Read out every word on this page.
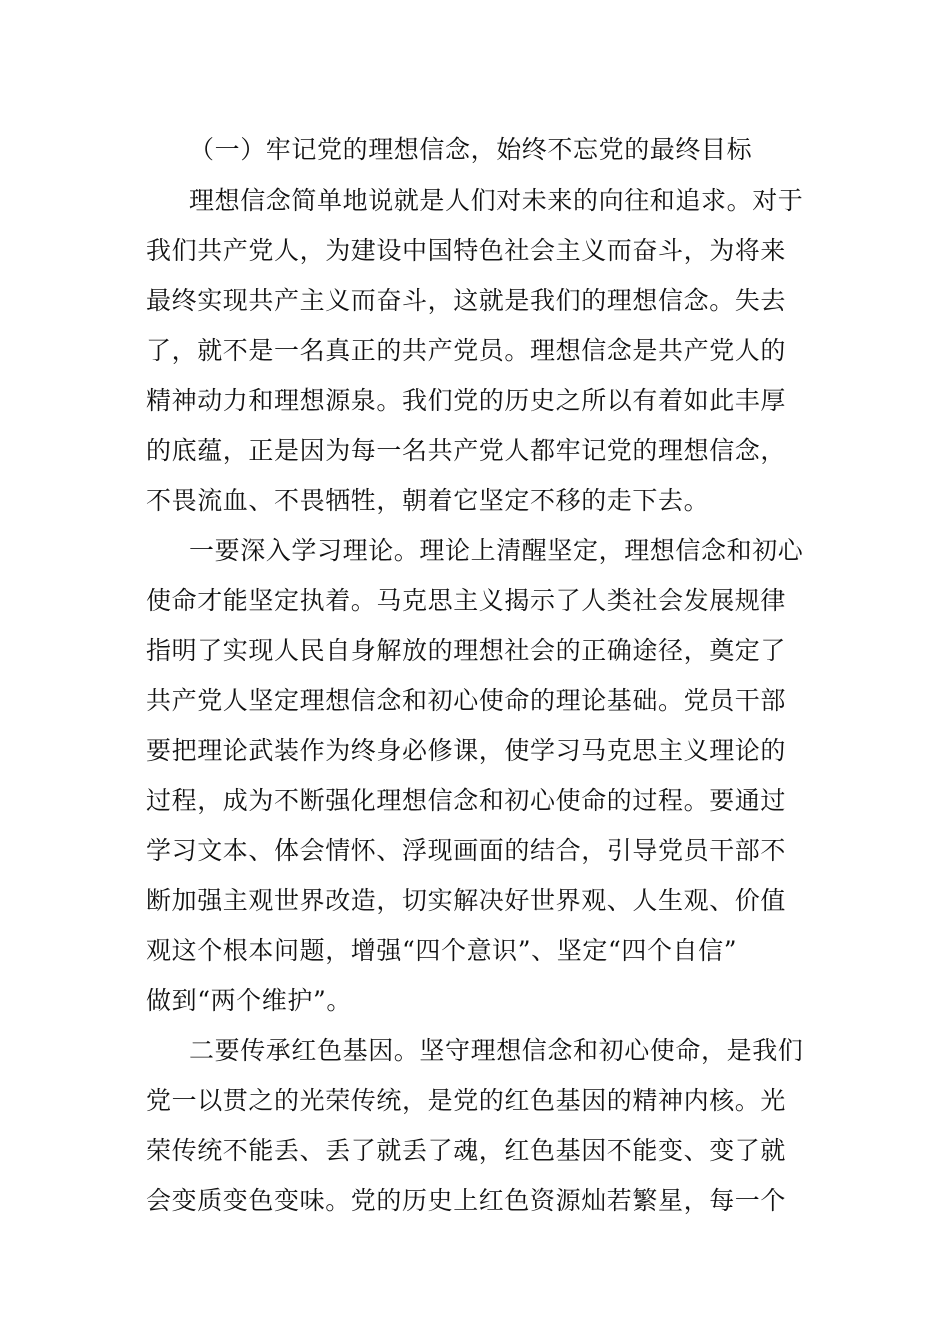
（一）牢记党的理想信念，始终不忘党的最终目标
理想信念简单地说就是人们对未来的向往和追求。对于
我们共产党人，为建设中国特色社会主义而奋斗，为将来
最终实现共产主义而奋斗，这就是我们的理想信念。失去
了，就不是一名真正的共产党员。理想信念是共产党人的
精神动力和理想源泉。我们党的历史之所以有着如此丰厚
的底蕴，正是因为每一名共产党人都牢记党的理想信念，
不畏流血、不畏牺牲，朝着它坚定不移的走下去。
一要深入学习理论。理论上清醒坚定，理想信念和初心
使命才能坚定执着。马克思主义揭示了人类社会发展规律
指明了实现人民自身解放的理想社会的正确途径，奠定了
共产党人坚定理想信念和初心使命的理论基础。党员干部
要把理论武装作为终身必修课，使学习马克思主义理论的
过程，成为不断强化理想信念和初心使命的过程。要通过
学习文本、体会情怀、浮现画面的结合，引导党员干部不
断加强主观世界改造，切实解决好世界观、人生观、价值
观这个根本问题，增强“四个意识”、坚定“四个自信”
做到“两个维护”。
二要传承红色基因。坚守理想信念和初心使命，是我们
党一以贯之的光荣传统，是党的红色基因的精神内核。光
荣传统不能丢、丢了就丢了魂，红色基因不能变、变了就
会变质变色变味。党的历史上红色资源灿若繁星，每一个
